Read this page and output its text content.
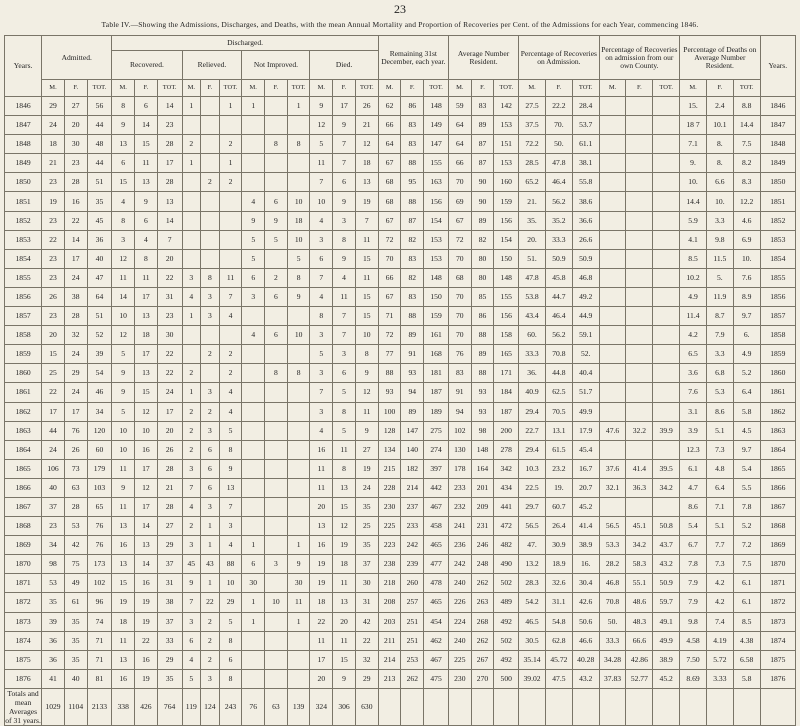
23
Table IV.—Showing the Admissions, Discharges, and Deaths, with the mean Annual Mortality and Proportion of Recoveries per Cent. of the Admissions for each Year, commencing 1846.
Years.	Admitted.			Discharged.												Remaining 31st December, each year.			Average Number Resident.			Percentage of Recoveries on Admission.			Percentage of Recoveries on admission from our own County.			Percentage of Deaths on Average Number Resident.			Years.
				Recovered.			Relieved.			Not Improved.			Died.																		
	M.	F.	TOT.	M.	F.	TOT.	M.	F.	TOT.	M.	F.	TOT.	M.	F.	TOT.	M.	F.	TOT.	M.	F.	TOT.	M.	F.	TOT.	M.	F.	TOT.	M.	F.	TOT.	
1846	29	27	56	8	6	14	1		1	1		1	9	17	26	62	86	148	59	83	142	27.5	22.2	28.4				15.	2.4	8.8	1846
1847	24	20	44	9	14	23							12	9	21	66	83	149	64	89	153	37.5	70.	53.7				18 7	10.1	14.4	1847
1848	18	30	48	13	15	28	2		2		8	8	5	7	12	64	83	147	64	87	151	72.2	50.	61.1				7.1	8.	7.5	1848
1849	21	23	44	6	11	17	1		1				11	7	18	67	88	155	66	87	153	28.5	47.8	38.1				9.	8.	8.2	1849
1850	23	28	51	15	13	28		2	2				7	6	13	68	95	163	70	90	160	65.2	46.4	55.8				10.	6.6	8.3	1850
1851	19	16	35	4	9	13				4	6	10	10	9	19	68	88	156	69	90	159	21.	56.2	38.6				14.4	10.	12.2	1851
1852	23	22	45	8	6	14				9	9	18	4	3	7	67	87	154	67	89	156	35.	35.2	36.6				5.9	3.3	4.6	1852
1853	22	14	36	3	4	7				5	5	10	3	8	11	72	82	153	72	82	154	20.	33.3	26.6				4.1	9.8	6.9	1853
1854	23	17	40	12	8	20				5		5	6	9	15	70	83	153	70	80	150	51.	50.9	50.9				8.5	11.5	10.	1854
1855	23	24	47	11	11	22	3	8	11	6	2	8	7	4	11	66	82	148	68	80	148	47.8	45.8	46.8				10.2	5.	7.6	1855
1856	26	38	64	14	17	31	4	3	7	3	6	9	4	11	15	67	83	150	70	85	155	53.8	44.7	49.2				4.9	11.9	8.9	1856
1857	23	28	51	10	13	23	1	3	4				8	7	15	71	88	159	70	86	156	43.4	46.4	44.9				11.4	8.7	9.7	1857
1858	20	32	52	12	18	30				4	6	10	3	7	10	72	89	161	70	88	158	60.	56.2	59.1				4.2	7.9	6.	1858
1859	15	24	39	5	17	22		2	2				5	3	8	77	91	168	76	89	165	33.3	70.8	52.				6.5	3.3	4.9	1859
1860	25	29	54	9	13	22	2		2		8	8	3	6	9	88	93	181	83	88	171	36.	44.8	40.4				3.6	6.8	5.2	1860
1861	22	24	46	9	15	24	1	3	4				7	5	12	93	94	187	91	93	184	40.9	62.5	51.7				7.6	5.3	6.4	1861
1862	17	17	34	5	12	17	2	2	4				3	8	11	100	89	189	94	93	187	29.4	70.5	49.9				3.1	8.6	5.8	1862
1863	44	76	120	10	10	20	2	3	5				4	5	9	128	147	275	102	98	200	22.7	13.1	17.9	47.6	32.2	39.9	3.9	5.1	4.5	1863
1864	24	26	60	10	16	26	2	6	8				16	11	27	134	140	274	130	148	278	29.4	61.5	45.4				12.3	7.3	9.7	1864
1865	106	73	179	11	17	28	3	6	9				11	8	19	215	182	397	178	164	342	10.3	23.2	16.7	37.6	41.4	39.5	6.1	4.8	5.4	1865
1866	40	63	103	9	12	21	7	6	13				11	13	24	228	214	442	233	201	434	22.5	19.	20.7	32.1	36.3	34.2	4.7	6.4	5.5	1866
1867	37	28	65	11	17	28	4	3	7				20	15	35	230	237	467	232	209	441	29.7	60.7	45.2				8.6	7.1	7.8	1867
1868	23	53	76	13	14	27	2	1	3				13	12	25	225	233	458	241	231	472	56.5	26.4	41.4	56.5	45.1	50.8	5.4	5.1	5.2	1868
1869	34	42	76	16	13	29	3	1	4	1		1	16	19	35	223	242	465	236	246	482	47.	30.9	38.9	53.3	34.2	43.7	6.7	7.7	7.2	1869
1870	98	75	173	13	14	37	45	43	88	6	3	9	19	18	37	238	239	477	242	248	490	13.2	18.9	16.	28.2	58.3	43.2	7.8	7.3	7.5	1870
1871	53	49	102	15	16	31	9	1	10	30		30	19	11	30	218	260	478	240	262	502	28.3	32.6	30.4	46.8	55.1	50.9	7.9	4.2	6.1	1871
1872	35	61	96	19	19	38	7	22	29	1	10	11	18	13	31	208	257	465	226	263	489	54.2	31.1	42.6	70.8	48.6	59.7	7.9	4.2	6.1	1872
1873	39	35	74	18	19	37	3	2	5	1		1	22	20	42	203	251	454	224	268	492	46.5	54.8	50.6	50.	48.3	49.1	9.8	7.4	8.5	1873
1874	36	35	71	11	22	33	6	2	8				11	11	22	211	251	462	240	262	502	30.5	62.8	46.6	33.3	66.6	49.9	4.58	4.19	4.38	1874
1875	36	35	71	13	16	29	4	2	6				17	15	32	214	253	467	225	267	492	35.14	45.72	40.28	34.28	42.86	38.9	7.50	5.72	6.58	1875
1876	41	40	81	16	19	35	5	3	8				20	9	29	213	262	475	230	270	500	39.02	47.5	43.2	37.83	52.77	45.2	8.69	3.33	5.8	1876
Totals and mean Averages of 31 years.	1029	1104	2133	338	426	764	119	124	243	76	63	139	324	306	630																
